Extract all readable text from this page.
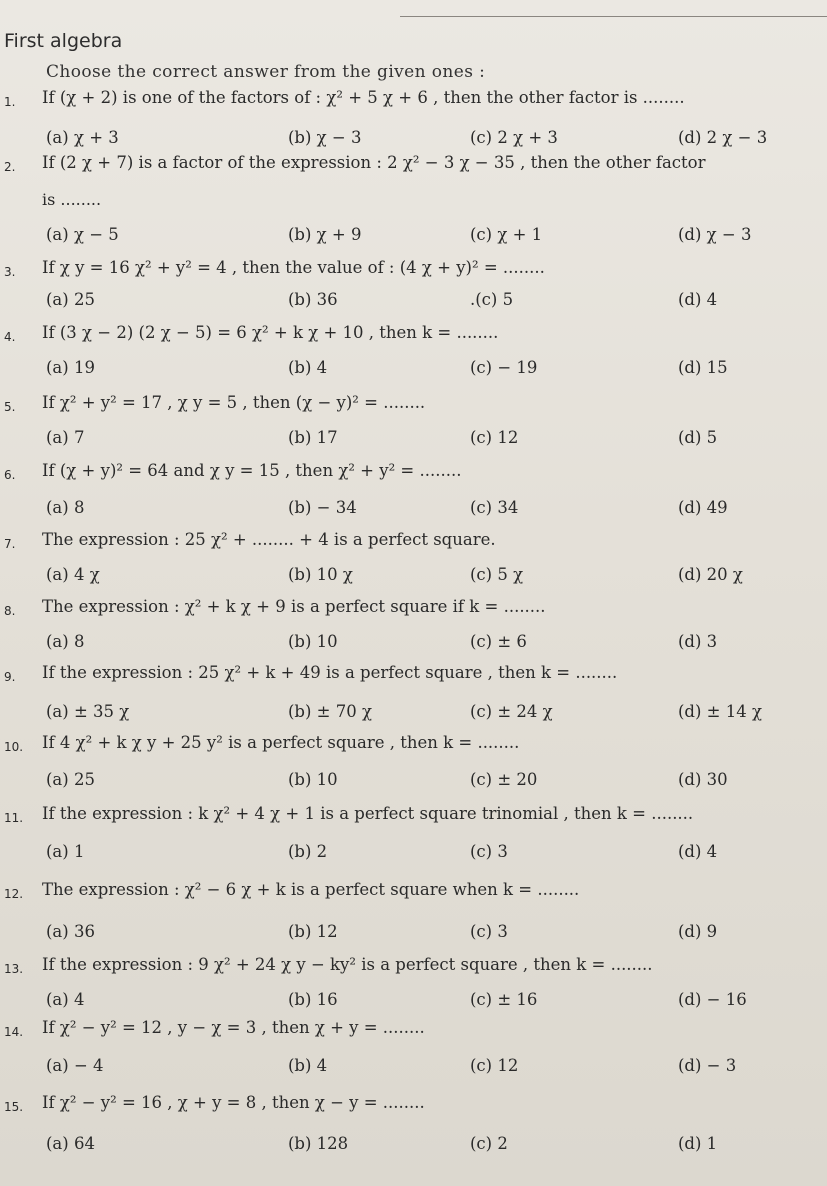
First algebra
Choose the correct answer from the given ones :
1. If (χ + 2) is one of the factors of : χ² + 5 χ + 6 , then the other factor is ........
(a) χ + 3	(b) χ − 3	(c) 2 χ + 3	(d) 2 χ − 3
2. If (2 χ + 7) is a factor of the expression : 2 χ² − 3 χ − 35 , then the other factor
is ........
(a) χ − 5	(b) χ + 9	(c) χ + 1	(d) χ − 3
3. If χ y = 16 χ² + y² = 4 , then the value of : (4 χ + y)² = ........
(a) 25	(b) 36	.(c) 5	(d) 4
4. If (3 χ − 2) (2 χ − 5) = 6 χ² + k χ + 10 , then k = ........
(a) 19	(b) 4	(c) − 19	(d) 15
5. If χ² + y² = 17 , χ y = 5 , then (χ − y)² = ........
(a) 7	(b) 17	(c) 12	(d) 5
6. If (χ + y)² = 64 and χ y = 15 , then χ² + y² = ........
(a) 8	(b) − 34	(c) 34	(d) 49
7. The expression : 25 χ² + ........ + 4 is a perfect square.
(a) 4 χ	(b) 10 χ	(c) 5 χ	(d) 20 χ
8. The expression : χ² + k χ + 9 is a perfect square if k = ........
(a) 8	(b) 10	(c) ± 6	(d) 3
9. If the expression : 25 χ² + k + 49 is a perfect square , then k = ........
(a) ± 35 χ	(b) ± 70 χ	(c) ± 24 χ	(d) ± 14 χ
10. If 4 χ² + k χ y + 25 y² is a perfect square , then k = ........
(a) 25	(b) 10	(c) ± 20	(d) 30
11. If the expression : k χ² + 4 χ + 1 is a perfect square trinomial , then k = ........
(a) 1	(b) 2	(c) 3	(d) 4
12. The expression : χ² − 6 χ + k is a perfect square when k = ........
(a) 36	(b) 12	(c) 3	(d) 9
13. If the expression : 9 χ² + 24 χ y − ky² is a perfect square , then k = ........
(a) 4	(b) 16	(c) ± 16	(d) − 16
14. If χ² − y² = 12 , y − χ = 3 , then χ + y = ........
(a) − 4	(b) 4	(c) 12	(d) − 3
15. If χ² − y² = 16 , χ + y = 8 , then χ − y = ........
(a) 64	(b) 128	(c) 2	(d) 1
